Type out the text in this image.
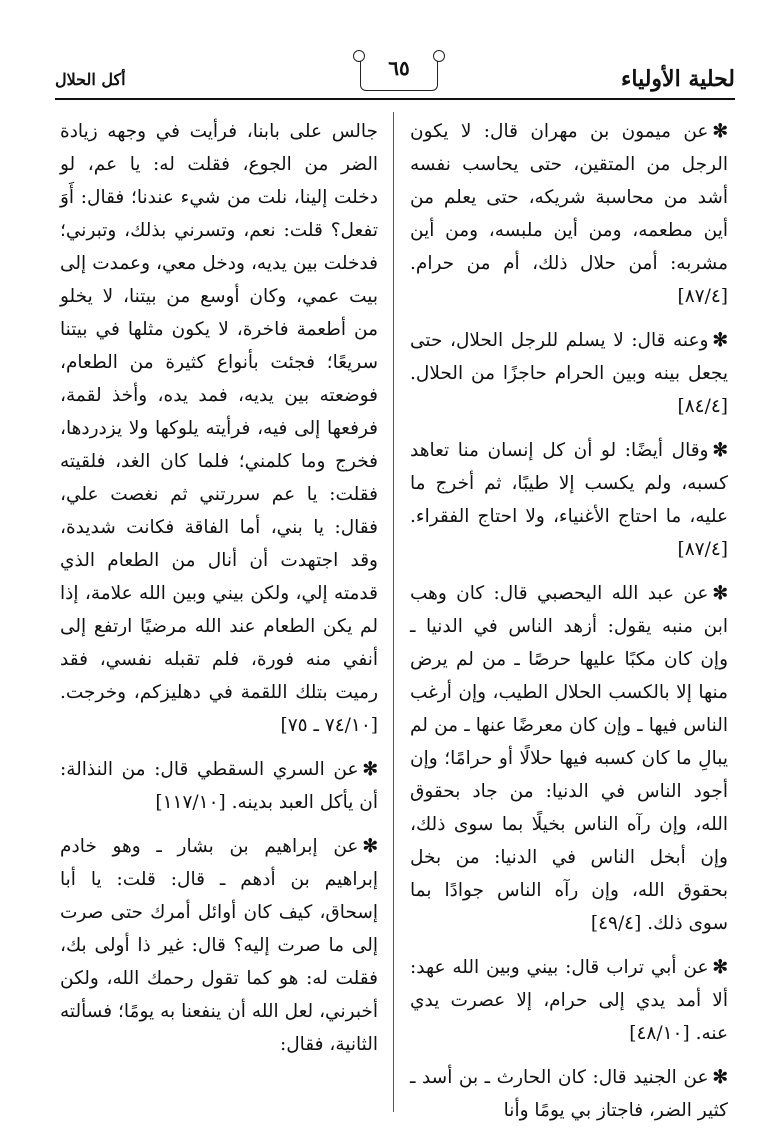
لحلية الأولياء
٦٥
أكل الحلال

✻عن ميمون بن مهران قال: لا يكون الرجل من المتقين، حتى يحاسب نفسه أشد من محاسبة شريكه، حتى يعلم من أين مطعمه، ومن أين ملبسه، ومن أين مشربه: أمن حلال ذلك، أم من حرام. [٨٧/٤]

✻وعنه قال: لا يسلم للرجل الحلال، حتى يجعل بينه وبين الحرام حاجزًا من الحلال. [٨٤/٤]

✻وقال أيضًا: لو أن كل إنسان منا تعاهد كسبه، ولم يكسب إلا طيبًا، ثم أخرج ما عليه، ما احتاج الأغنياء، ولا احتاج الفقراء. [٨٧/٤]

✻عن عبد الله اليحصبي قال: كان وهب ابن منبه يقول: أزهد الناس في الدنيا ـ وإن كان مكبًا عليها حرصًا ـ من لم يرض منها إلا بالكسب الحلال الطيب، وإن أرغب الناس فيها ـ وإن كان معرضًا عنها ـ من لم يبالِ ما كان كسبه فيها حلالًا أو حرامًا؛ وإن أجود الناس في الدنيا: من جاد بحقوق الله، وإن رآه الناس بخيلًا بما سوى ذلك، وإن أبخل الناس في الدنيا: من بخل بحقوق الله، وإن رآه الناس جوادًا بما سوى ذلك. [٤٩/٤]

✻عن أبي تراب قال: بيني وبين الله عهد: ألا أمد يدي إلى حرام، إلا عصرت يدي عنه. [٤٨/١٠]

✻عن الجنيد قال: كان الحارث ـ بن أسد ـ كثير الضر، فاجتاز بي يومًا وأنا

جالس على بابنا، فرأيت في وجهه زيادة الضر من الجوع، فقلت له: يا عم، لو دخلت إلينا، نلت من شيء عندنا؛ فقال: أَوَ تفعل؟ قلت: نعم، وتسرني بذلك، وتبرني؛ فدخلت بين يديه، ودخل معي، وعمدت إلى بيت عمي، وكان أوسع من بيتنا، لا يخلو من أطعمة فاخرة، لا يكون مثلها في بيتنا سريعًا؛ فجئت بأنواع كثيرة من الطعام، فوضعته بين يديه، فمد يده، وأخذ لقمة، فرفعها إلى فيه، فرأيته يلوكها ولا يزدردها، فخرج وما كلمني؛ فلما كان الغد، فلقيته فقلت: يا عم سررتني ثم نغصت علي، فقال: يا بني، أما الفاقة فكانت شديدة، وقد اجتهدت أن أنال من الطعام الذي قدمته إلي، ولكن بيني وبين الله علامة، إذا لم يكن الطعام عند الله مرضيًا ارتفع إلى أنفي منه فورة، فلم تقبله نفسي، فقد رميت بتلك اللقمة في دهليزكم، وخرجت. [٧٤/١٠ ـ ٧٥]

✻عن السري السقطي قال: من النذالة: أن يأكل العبد بدينه. [١١٧/١٠]

✻عن إبراهيم بن بشار ـ وهو خادم إبراهيم بن أدهم ـ قال: قلت: يا أبا إسحاق، كيف كان أوائل أمرك حتى صرت إلى ما صرت إليه؟ قال: غير ذا أولى بك، فقلت له: هو كما تقول رحمك الله، ولكن أخبرني، لعل الله أن ينفعنا به يومًا؛ فسألته الثانية، فقال:
